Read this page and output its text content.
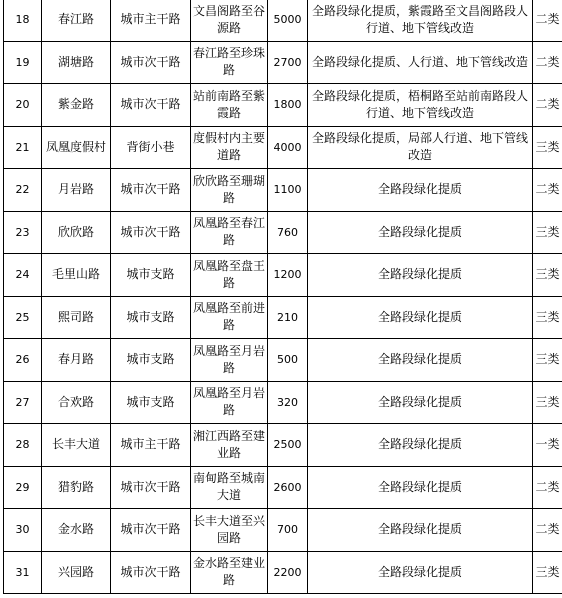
18	春江路	城市主干路	文昌阁路至谷源路	5000	全路段绿化提质，紫霞路至文昌阁路段人行道、地下管线改造	二类
19	湖塘路	城市次干路	春江路至珍珠路	2700	全路段绿化提质、人行道、地下管线改造	二类
20	紫金路	城市次干路	站前南路至紫霞路	1800	全路段绿化提质，梧桐路至站前南路段人行道、地下管线改造	二类
21	凤凰度假村	背街小巷	度假村内主要道路	4000	全路段绿化提质，局部人行道、地下管线改造	三类
22	月岩路	城市次干路	欣欣路至珊瑚路	1100	全路段绿化提质	二类
23	欣欣路	城市次干路	凤凰路至春江路	760	全路段绿化提质	三类
24	毛里山路	城市支路	凤凰路至盘王路	1200	全路段绿化提质	三类
25	熙司路	城市支路	凤凰路至前进路	210	全路段绿化提质	三类
26	春月路	城市支路	凤凰路至月岩路	500	全路段绿化提质	三类
27	合欢路	城市支路	凤凰路至月岩路	320	全路段绿化提质	三类
28	长丰大道	城市主干路	湘江西路至建业路	2500	全路段绿化提质	一类
29	猎豹路	城市次干路	南甸路至城南大道	2600	全路段绿化提质	二类
30	金水路	城市次干路	长丰大道至兴园路	700	全路段绿化提质	二类
31	兴园路	城市次干路	金水路至建业路	2200	全路段绿化提质	三类
